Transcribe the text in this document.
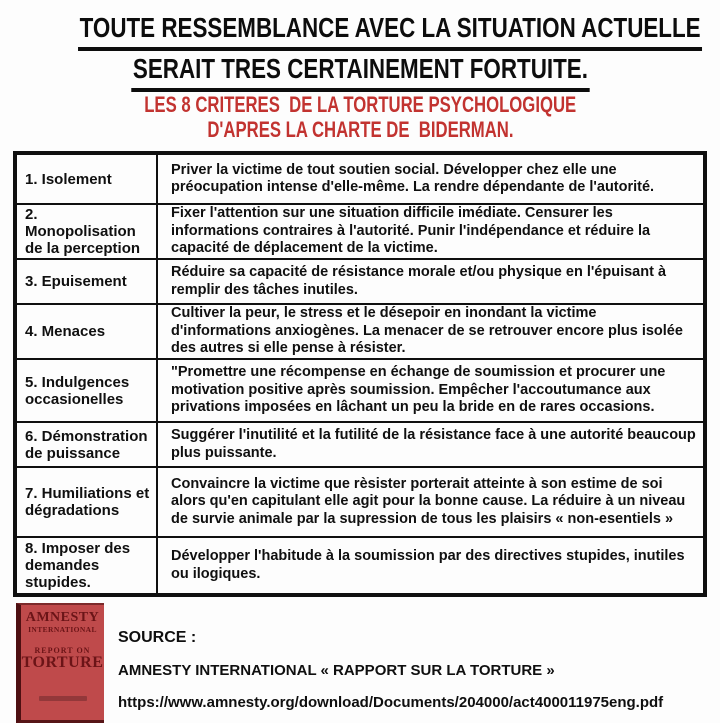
TOUTE RESSEMBLANCE AVEC LA SITUATION ACTUELLE
SERAIT TRES CERTAINEMENT FORTUITE.
LES 8 CRITERES  DE LA TORTURE PSYCHOLOGIQUE
D'APRES LA CHARTE DE  BIDERMAN.
1. Isolement
Priver la victime de tout soutien social. Développer chez elle une préocupation intense d'elle-même. La rendre dépendante de l'autorité.
2. Monopolisation de la perception
Fixer l'attention sur une situation difficile imédiate. Censurer les informations contraires à l'autorité. Punir l'indépendance et réduire la capacité de déplacement de la victime.
3. Epuisement
Réduire sa capacité de résistance morale et/ou physique en l'épuisant à remplir des tâches inutiles.
4. Menaces
Cultiver la peur, le stress et le désepoir en inondant la victime d'informations anxiogènes. La menacer de se retrouver encore plus isolée des autres si elle pense à résister.
5. Indulgences occasionelles
"Promettre une récompense en échange de soumission et procurer une motivation positive après soumission. Empêcher l'accoutumance aux privations imposées en lâchant un peu la bride en de rares occasions.
6. Démonstration de puissance
Suggérer l'inutilité et la futilité de la résistance face à une autorité beaucoup plus puissante.
7. Humiliations et dégradations
Convaincre la victime que rèsister porterait atteinte à son estime de soi alors qu'en capitulant elle agit pour la bonne cause. La réduire à un niveau de survie animale par la supression de tous les plaisirs « non-esentiels »
8. Imposer des demandes stupides.
Développer l'habitude à la soumission par des directives stupides, inutiles ou ilogiques.
AMNESTY
INTERNATIONAL
REPORT ON
TORTURE
SOURCE :
AMNESTY INTERNATIONAL « RAPPORT SUR LA TORTURE »
https://www.amnesty.org/download/Documents/204000/act400011975eng.pdf
